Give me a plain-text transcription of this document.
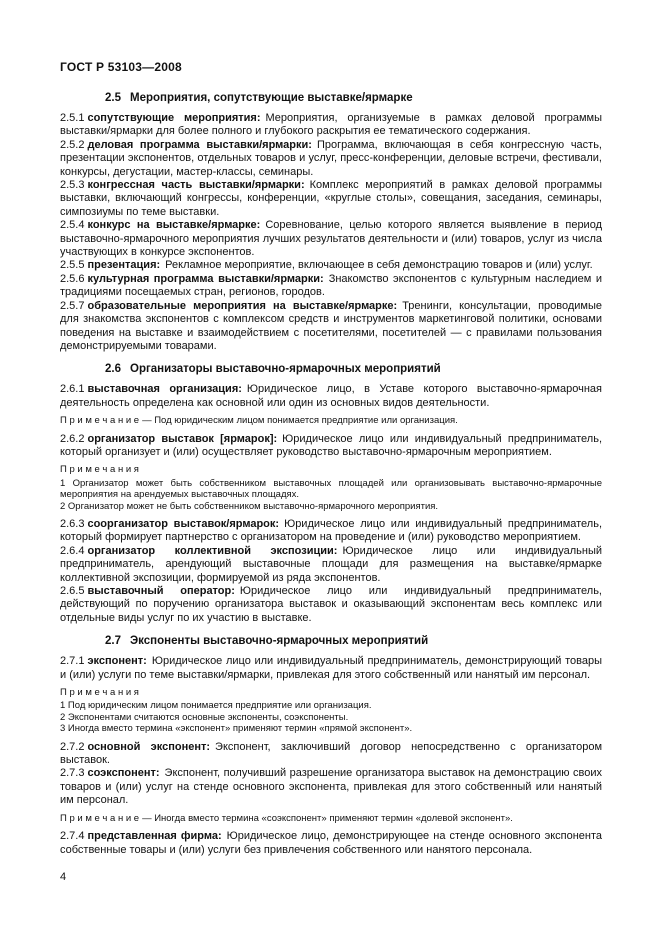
ГОСТ Р 53103—2008

2.5 Мероприятия, сопутствующие выставке/ярмарке

2.5.1 сопутствующие мероприятия: Мероприятия, организуемые в рамках деловой программы выставки/ярмарки для более полного и глубокого раскрытия ее тематического содержания.

2.5.2 деловая программа выставки/ярмарки: Программа, включающая в себя конгрессную часть, презентации экспонентов, отдельных товаров и услуг, пресс-конференции, деловые встречи, фестивали, конкурсы, дегустации, мастер-классы, семинары.

2.5.3 конгрессная часть выставки/ярмарки: Комплекс мероприятий в рамках деловой программы выставки, включающий конгрессы, конференции, «круглые столы», совещания, заседания, семинары, симпозиумы по теме выставки.

2.5.4 конкурс на выставке/ярмарке: Соревнование, целью которого является выявление в период выставочно-ярмарочного мероприятия лучших результатов деятельности и (или) товаров, услуг из числа участвующих в конкурсе экспонентов.

2.5.5 презентация: Рекламное мероприятие, включающее в себя демонстрацию товаров и (или) услуг.

2.5.6 культурная программа выставки/ярмарки: Знакомство экспонентов с культурным наследием и традициями посещаемых стран, регионов, городов.

2.5.7 образовательные мероприятия на выставке/ярмарке: Тренинги, консультации, проводимые для знакомства экспонентов с комплексом средств и инструментов маркетинговой политики, основами поведения на выставке и взаимодействием с посетителями, посетителей — с правилами пользования демонстрируемыми товарами.

2.6 Организаторы выставочно-ярмарочных мероприятий

2.6.1 выставочная организация: Юридическое лицо, в Уставе которого выставочно-ярмарочная деятельность определена как основной или один из основных видов деятельности.

П р и м е ч а н и е — Под юридическим лицом понимается предприятие или организация.

2.6.2 организатор выставок [ярмарок]: Юридическое лицо или индивидуальный предприниматель, который организует и (или) осуществляет руководство выставочно-ярмарочным мероприятием.

П р и м е ч а н и я

1 Организатор может быть собственником выставочных площадей или организовывать выставочно-ярмарочные мероприятия на арендуемых выставочных площадях.

2 Организатор может не быть собственником выставочно-ярмарочного мероприятия.

2.6.3 соорганизатор выставок/ярмарок: Юридическое лицо или индивидуальный предприниматель, который формирует партнерство с организатором на проведение и (или) руководство мероприятием.

2.6.4 организатор коллективной экспозиции: Юридическое лицо или индивидуальный предприниматель, арендующий выставочные площади для размещения на выставке/ярмарке коллективной экспозиции, формируемой из ряда экспонентов.

2.6.5 выставочный оператор: Юридическое лицо или индивидуальный предприниматель, действующий по поручению организатора выставок и оказывающий экспонентам весь комплекс или отдельные виды услуг по их участию в выставке.

2.7 Экспоненты выставочно-ярмарочных мероприятий

2.7.1 экспонент: Юридическое лицо или индивидуальный предприниматель, демонстрирующий товары и (или) услуги по теме выставки/ярмарки, привлекая для этого собственный или нанятый им персонал.

П р и м е ч а н и я

1 Под юридическим лицом понимается предприятие или организация.

2 Экспонентами считаются основные экспоненты, соэкспоненты.

3 Иногда вместо термина «экспонент» применяют термин «прямой экспонент».

2.7.2 основной экспонент: Экспонент, заключивший договор непосредственно с организатором выставок.

2.7.3 соэкспонент: Экспонент, получивший разрешение организатора выставок на демонстрацию своих товаров и (или) услуг на стенде основного экспонента, привлекая для этого собственный или нанятый им персонал.

П р и м е ч а н и е — Иногда вместо термина «соэкспонент» применяют термин «долевой экспонент».

2.7.4 представленная фирма: Юридическое лицо, демонстрирующее на стенде основного экспонента собственные товары и (или) услуги без привлечения собственного или нанятого персонала.

4
